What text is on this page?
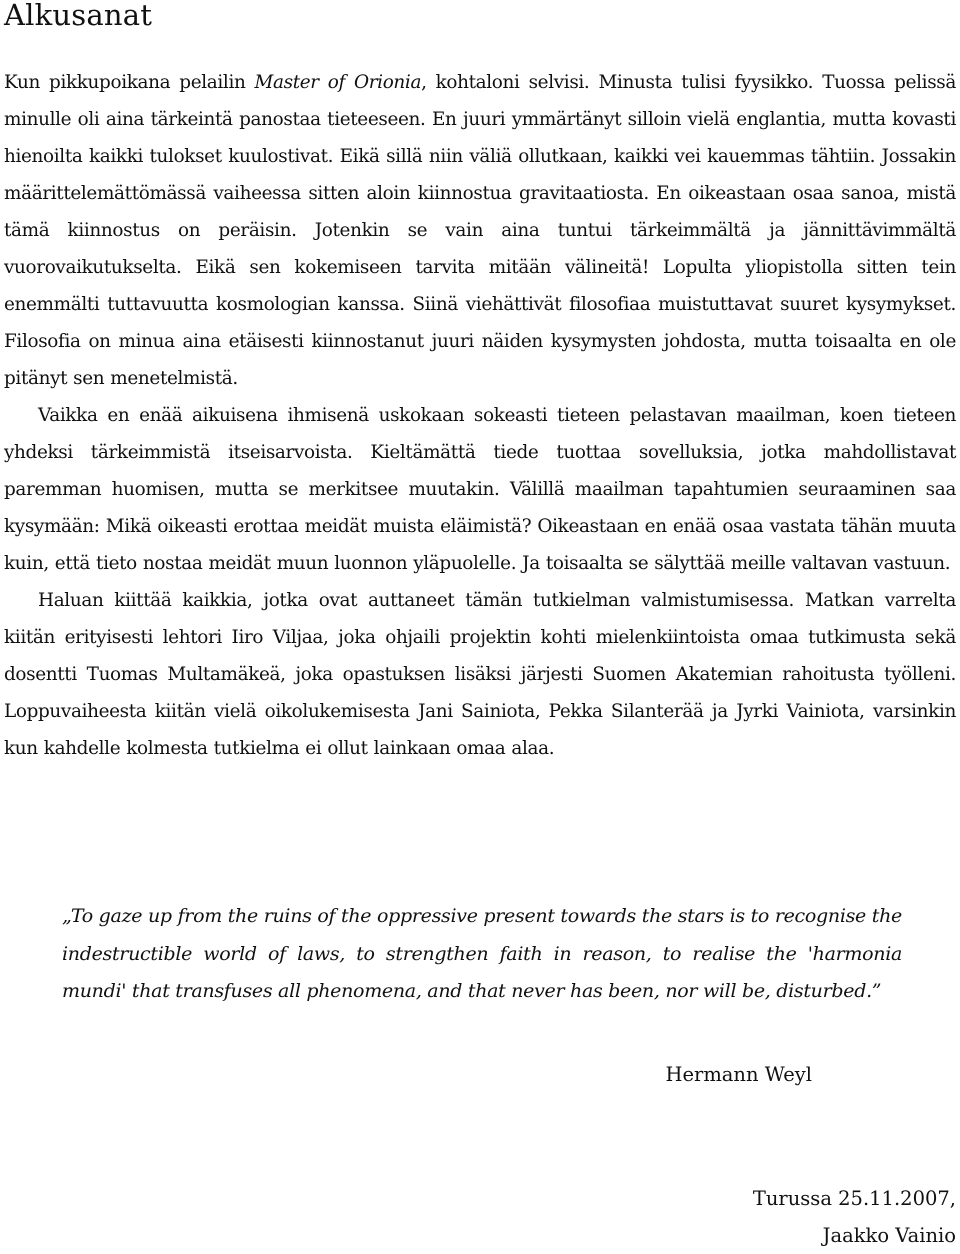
Alkusanat

Kun pikkupoikana pelailin Master of Orionia, kohtaloni selvisi. Minusta tulisi fyysikko. Tuossa pelissä minulle oli aina tärkeintä panostaa tieteeseen. En juuri ymmärtänyt silloin vielä englantia, mutta kovasti hienoilta kaikki tulokset kuulostivat. Eikä sillä niin väliä ollutkaan, kaikki vei kauemmas tähtiin. Jossakin määrittelemättömässä vaiheessa sitten aloin kiinnostua gravitaatiosta. En oikeastaan osaa sanoa, mistä tämä kiinnostus on peräisin. Jotenkin se vain aina tuntui tärkeimmältä ja jännittävimmältä vuorovaikutukselta. Eikä sen kokemiseen tarvita mitään välineitä! Lopulta yliopistolla sitten tein enemmälti tuttavuutta kosmologian kanssa. Siinä viehättivät filosofiaa muistuttavat suuret kysymykset. Filosofia on minua aina etäisesti kiinnostanut juuri näiden kysymysten johdosta, mutta toisaalta en ole pitänyt sen menetelmistä.

Vaikka en enää aikuisena ihmisenä uskokaan sokeasti tieteen pelastavan maailman, koen tieteen yhdeksi tärkeimmistä itseisarvoista. Kieltämättä tiede tuottaa sovelluksia, jotka mahdollistavat paremman huomisen, mutta se merkitsee muutakin. Välillä maailman tapahtumien seuraaminen saa kysymään: Mikä oikeasti erottaa meidät muista eläimistä? Oikeastaan en enää osaa vastata tähän muuta kuin, että tieto nostaa meidät muun luonnon yläpuolelle. Ja toisaalta se sälyttää meille valtavan vastuun.

Haluan kiittää kaikkia, jotka ovat auttaneet tämän tutkielman valmistumisessa. Matkan varrelta kiitän erityisesti lehtori Iiro Viljaa, joka ohjaili projektin kohti mielenkiintoista omaa tutkimusta sekä dosentti Tuomas Multamäkeä, joka opastuksen lisäksi järjesti Suomen Akatemian rahoitusta työlleni. Loppuvaiheesta kiitän vielä oikolukemisesta Jani Sainiota, Pekka Silanterää ja Jyrki Vainiota, varsinkin kun kahdelle kolmesta tutkielma ei ollut lainkaan omaa alaa.

„To gaze up from the ruins of the oppressive present towards the stars is to recognise the indestructible world of laws, to strengthen faith in reason, to realise the 'harmonia mundi' that transfuses all phenomena, and that never has been, nor will be, disturbed.”

Hermann Weyl
Turussa 25.11.2007,
Jaakko Vainio
